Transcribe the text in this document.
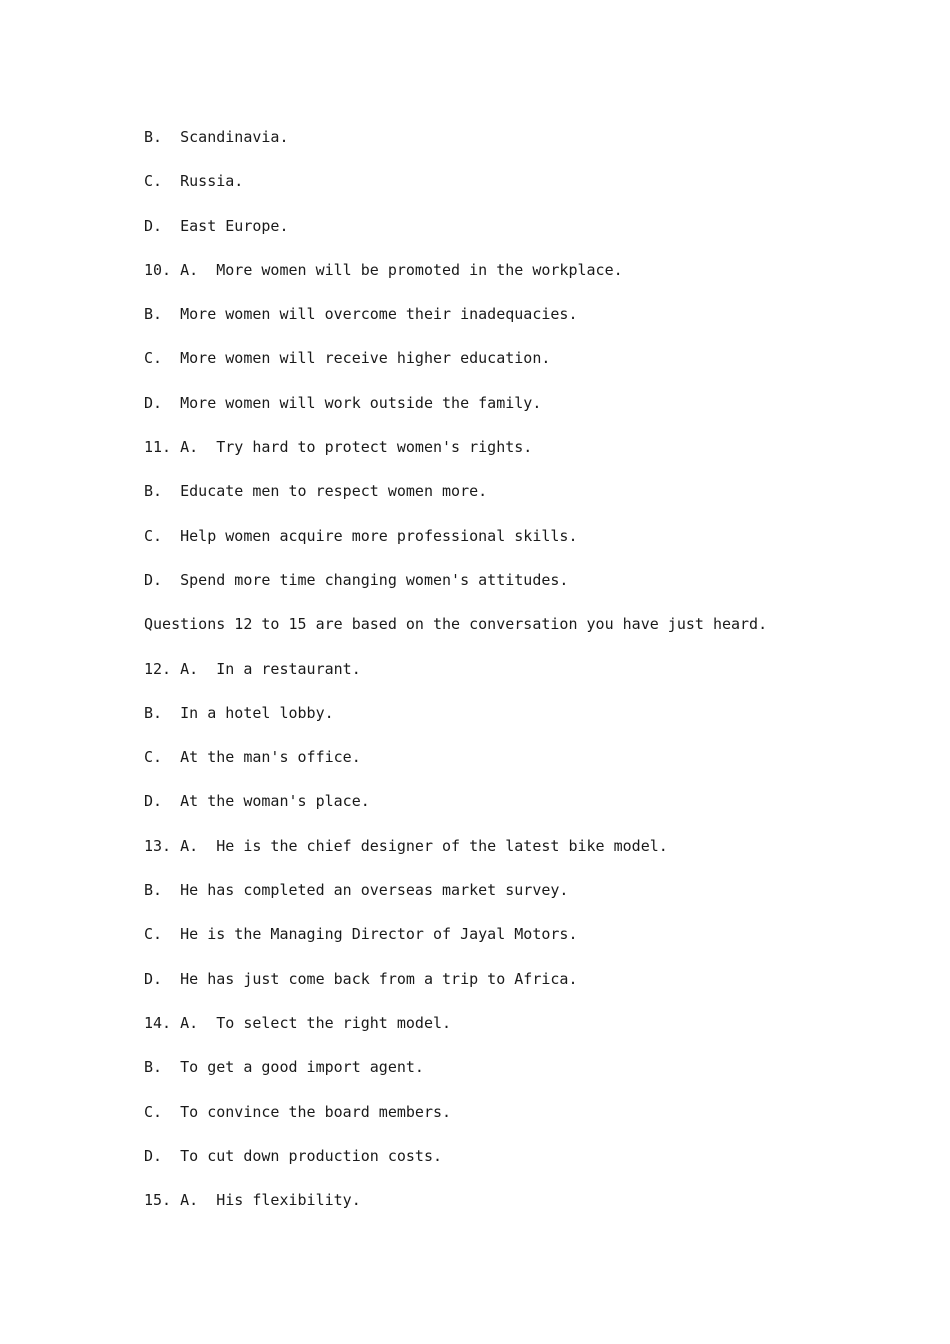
B.  Scandinavia.
C.  Russia.
D.  East Europe.
10. A.  More women will be promoted in the workplace.
B.  More women will overcome their inadequacies.
C.  More women will receive higher education.
D.  More women will work outside the family.
11. A.  Try hard to protect women's rights.
B.  Educate men to respect women more.
C.  Help women acquire more professional skills.
D.  Spend more time changing women's attitudes.
Questions 12 to 15 are based on the conversation you have just heard.
12. A.  In a restaurant.
B.  In a hotel lobby.
C.  At the man's office.
D.  At the woman's place.
13. A.  He is the chief designer of the latest bike model.
B.  He has completed an overseas market survey.
C.  He is the Managing Director of Jayal Motors.
D.  He has just come back from a trip to Africa.
14. A.  To select the right model.
B.  To get a good import agent.
C.  To convince the board members.
D.  To cut down production costs.
15. A.  His flexibility.
